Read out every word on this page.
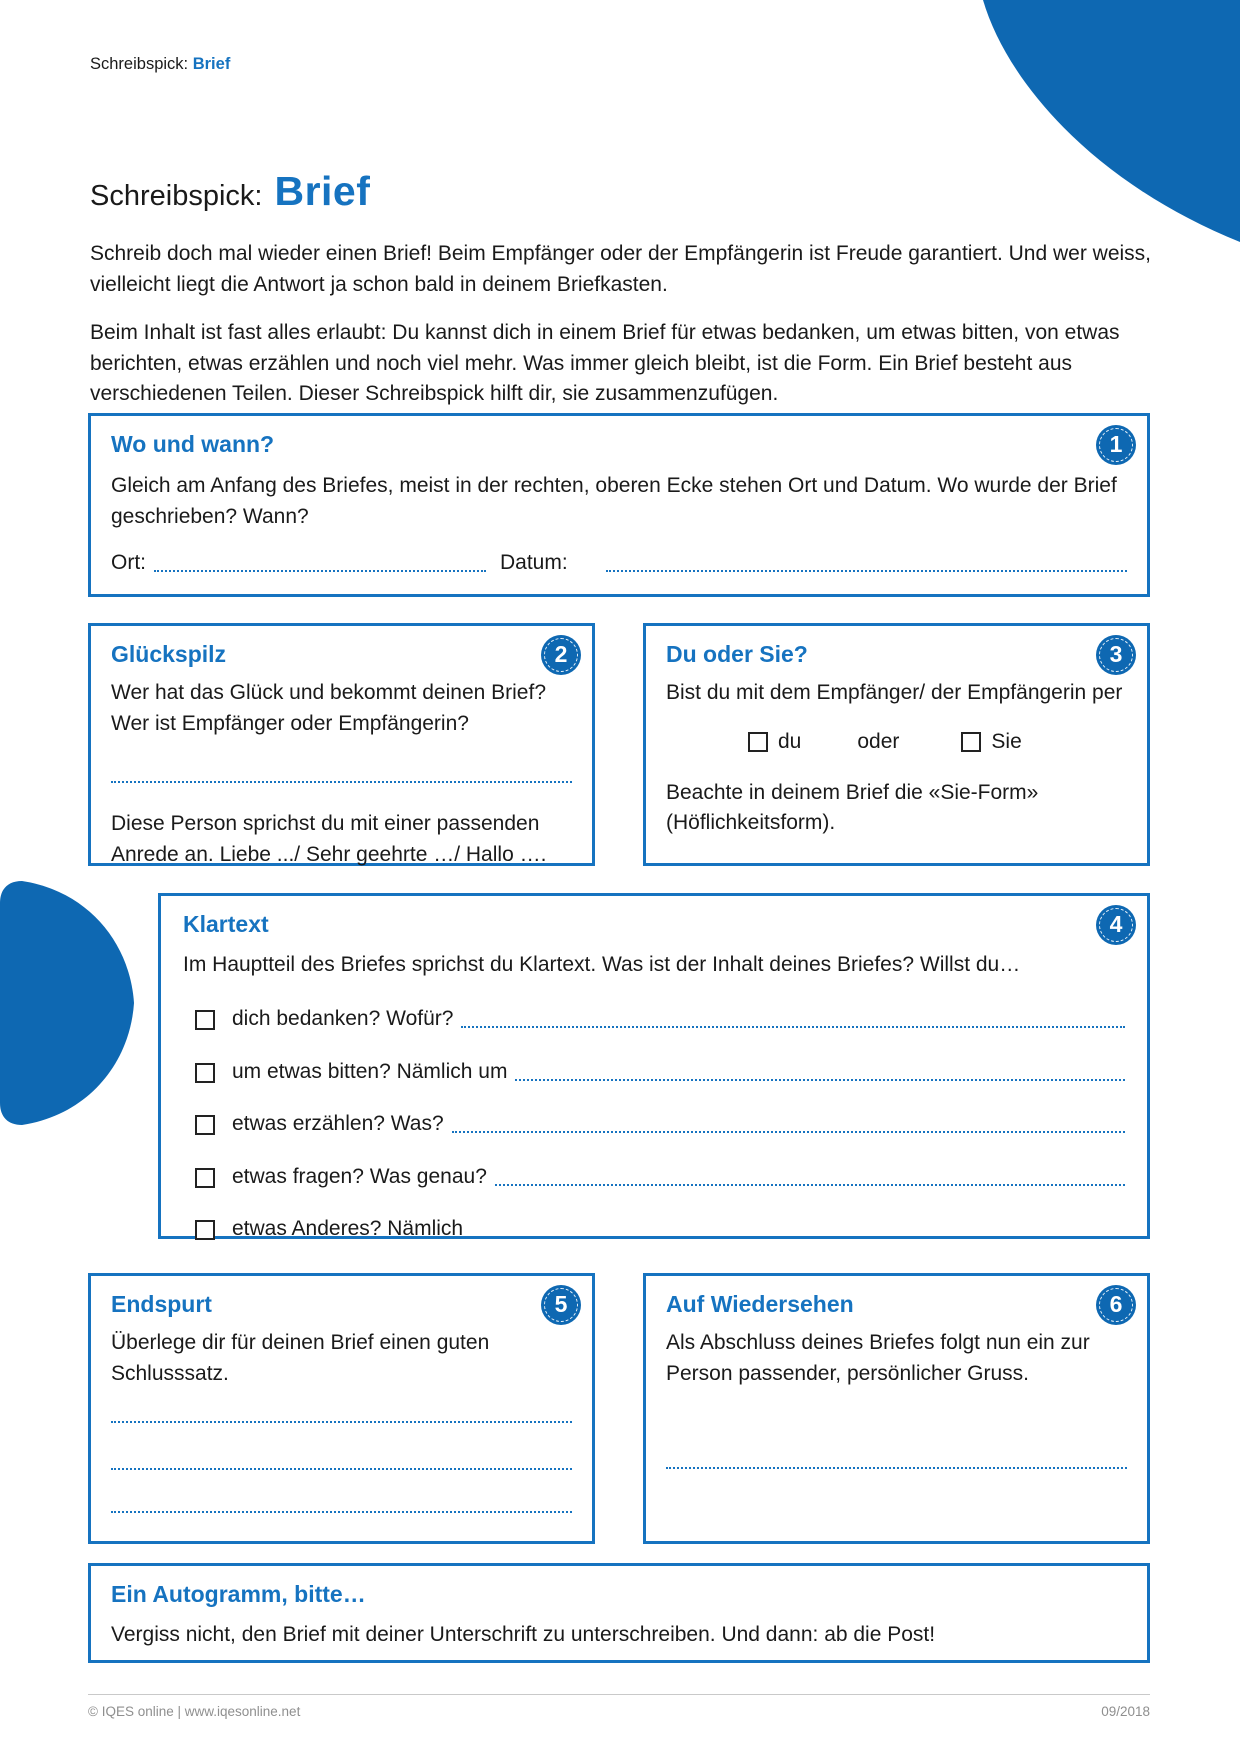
Schreibspick: Brief
Schreibspick: Brief

Schreib doch mal wieder einen Brief! Beim Empfänger oder der Empfängerin ist Freude garantiert. Und wer weiss, vielleicht liegt die Antwort ja schon bald in deinem Briefkasten.

Beim Inhalt ist fast alles erlaubt: Du kannst dich in einem Brief für etwas bedanken, um etwas bitten, von etwas berichten, etwas erzählen und noch viel mehr. Was immer gleich bleibt, ist die Form. Ein Brief besteht aus verschiedenen Teilen. Dieser Schreibspick hilft dir, sie zusammenzufügen.

1
Wo und wann?

Gleich am Anfang des Briefes, meist in der rechten, oberen Ecke stehen Ort und Datum. Wo wurde der Brief geschrieben? Wann?

Ort:	Datum:
2
Glückspilz

Wer hat das Glück und bekommt deinen Brief? Wer ist Empfänger oder Empfängerin?

Diese Person sprichst du mit einer passenden Anrede an. Liebe .../ Sehr geehrte …/ Hallo ….

3
Du oder Sie?

Bist du mit dem Empfänger/ der Empfängerin per

du	oder	Sie

Beachte in deinem Brief die «Sie-Form» (Höflichkeitsform).

4
Klartext

Im Hauptteil des Briefes sprichst du Klartext. Was ist der Inhalt deines Briefes? Willst du…

dich bedanken? Wofür?
um etwas bitten? Nämlich um
etwas erzählen? Was?
etwas fragen? Was genau?
etwas Anderes? Nämlich
5
Endspurt

Überlege dir für deinen Brief einen guten Schlusssatz.

6
Auf Wiedersehen

Als Abschluss deines Briefes folgt nun ein zur Person passender, persönlicher Gruss.

Ein Autogramm, bitte…

Vergiss nicht, den Brief mit deiner Unterschrift zu unterschreiben. Und dann: ab die Post!

© IQES online | www.iqesonline.net	09/2018
